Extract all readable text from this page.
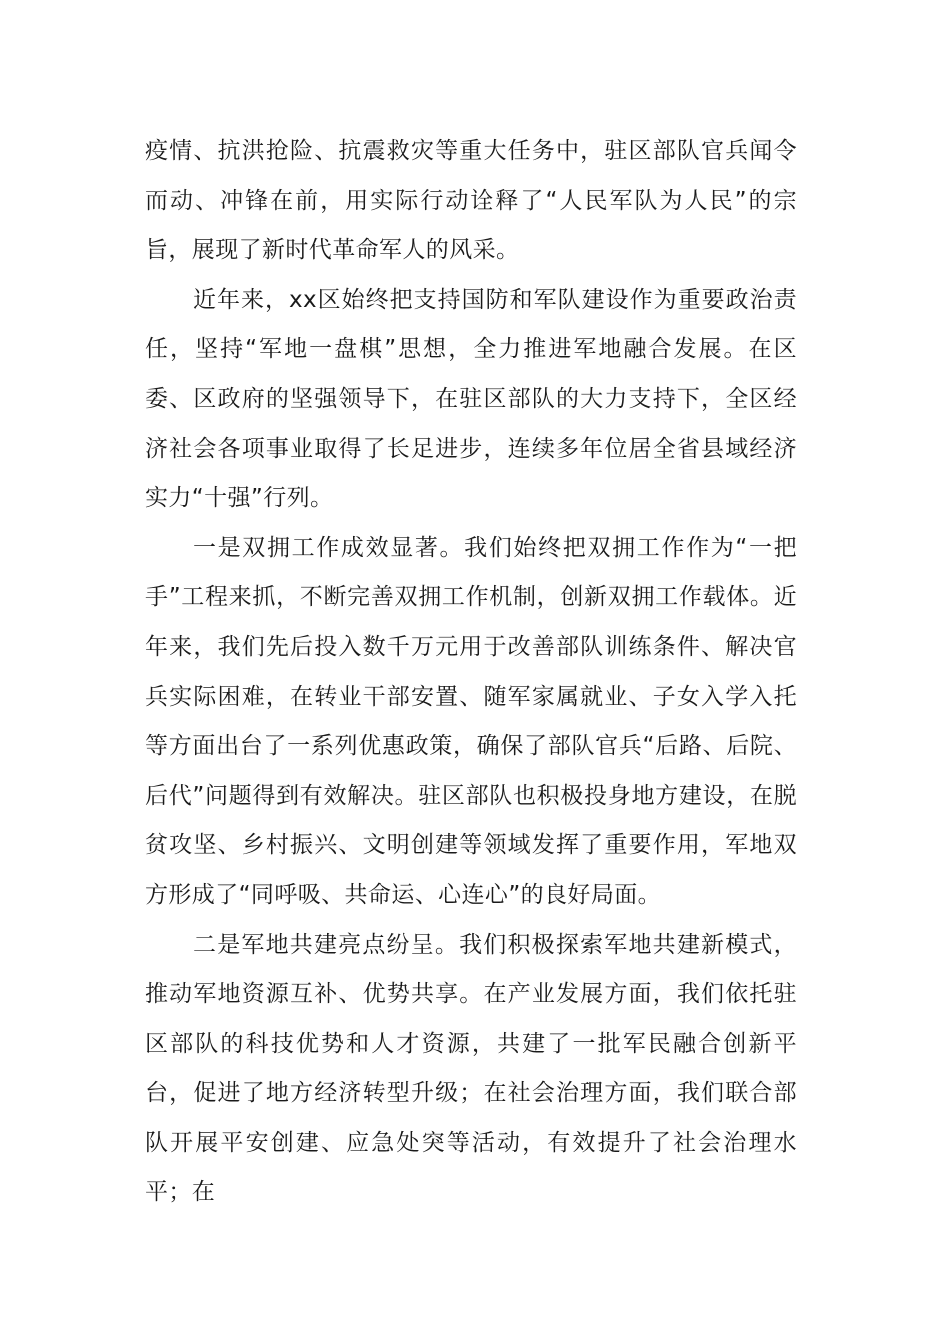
疫情、抗洪抢险、抗震救灾等重大任务中，驻区部队官兵闻令而动、冲锋在前，用实际行动诠释了“人民军队为人民”的宗旨，展现了新时代革命军人的风采。

近年来，xx区始终把支持国防和军队建设作为重要政治责任，坚持“军地一盘棋”思想，全力推进军地融合发展。在区委、区政府的坚强领导下，在驻区部队的大力支持下，全区经济社会各项事业取得了长足进步，连续多年位居全省县域经济实力“十强”行列。

一是双拥工作成效显著。我们始终把双拥工作作为“一把手”工程来抓，不断完善双拥工作机制，创新双拥工作载体。近年来，我们先后投入数千万元用于改善部队训练条件、解决官兵实际困难，在转业干部安置、随军家属就业、子女入学入托等方面出台了一系列优惠政策，确保了部队官兵“后路、后院、后代”问题得到有效解决。驻区部队也积极投身地方建设，在脱贫攻坚、乡村振兴、文明创建等领域发挥了重要作用，军地双方形成了“同呼吸、共命运、心连心”的良好局面。

二是军地共建亮点纷呈。我们积极探索军地共建新模式，推动军地资源互补、优势共享。在产业发展方面，我们依托驻区部队的科技优势和人才资源，共建了一批军民融合创新平台，促进了地方经济转型升级；在社会治理方面，我们联合部队开展平安创建、应急处突等活动，有效提升了社会治理水平；在
